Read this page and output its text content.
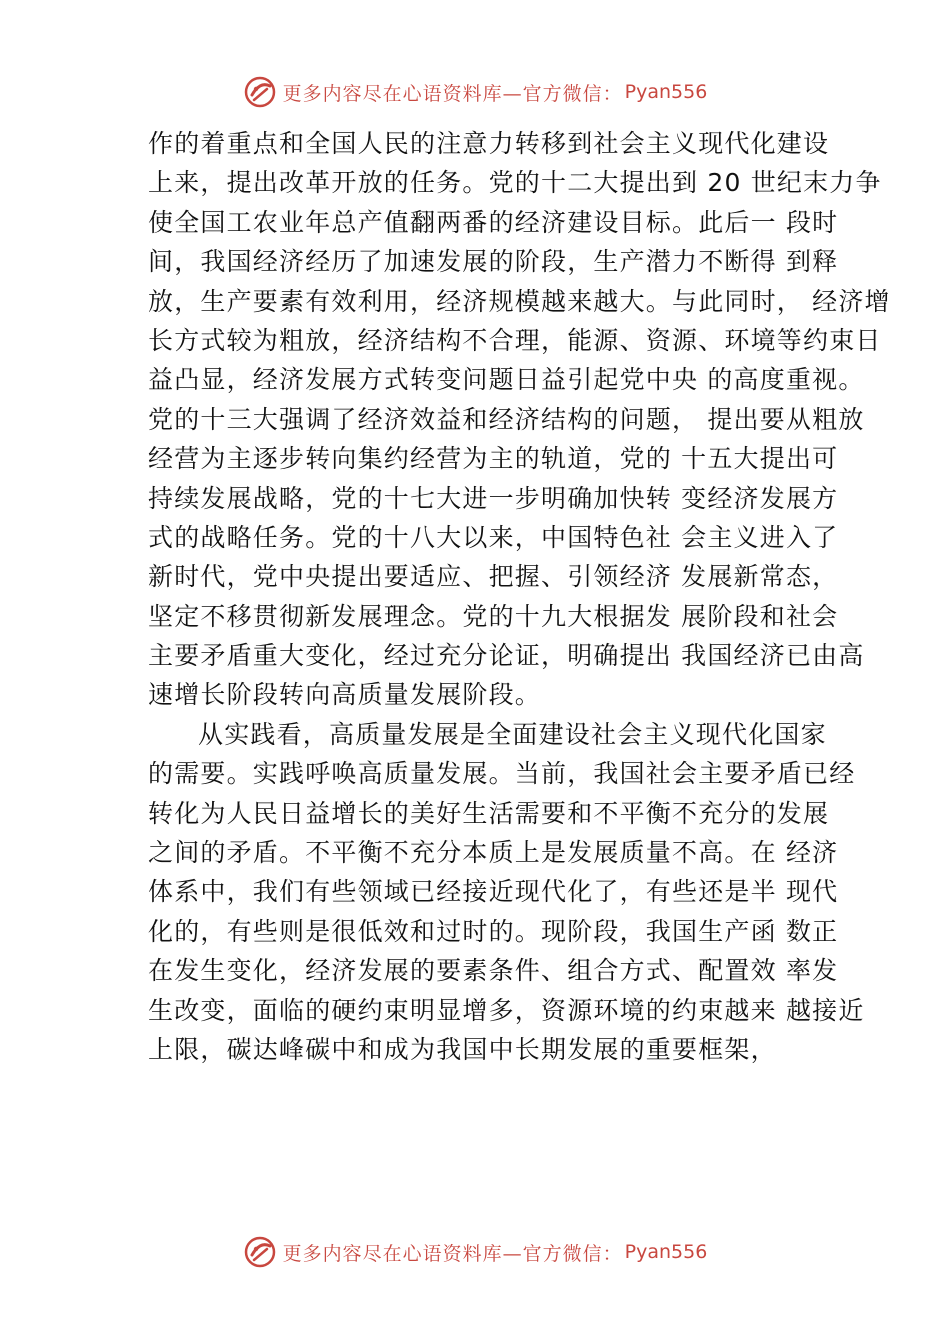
更多内容尽在心语资料库—官方微信： Pyan556
作的着重点和全国人民的注意力转移到社会主义现代化建设
上来，提出改革开放的任务。党的十二大提出到 20 世纪末力争
使全国工农业年总产值翻两番的经济建设目标。此后一 段时
间，我国经济经历了加速发展的阶段，生产潜力不断得 到释
放，生产要素有效利用，经济规模越来越大。与此同时， 经济增
长方式较为粗放，经济结构不合理，能源、资源、环境等约束日
益凸显，经济发展方式转变问题日益引起党中央 的高度重视。
党的十三大强调了经济效益和经济结构的问题， 提出要从粗放
经营为主逐步转向集约经营为主的轨道，党的 十五大提出可
持续发展战略，党的十七大进一步明确加快转 变经济发展方
式的战略任务。党的十八大以来，中国特色社 会主义进入了
新时代，党中央提出要适应、把握、引领经济 发展新常态，
坚定不移贯彻新发展理念。党的十九大根据发 展阶段和社会
主要矛盾重大变化，经过充分论证，明确提出 我国经济已由高
速增长阶段转向高质量发展阶段。
从实践看，高质量发展是全面建设社会主义现代化国家
的需要。实践呼唤高质量发展。当前，我国社会主要矛盾已经
转化为人民日益增长的美好生活需要和不平衡不充分的发展
之间的矛盾。不平衡不充分本质上是发展质量不高。在 经济
体系中，我们有些领域已经接近现代化了，有些还是半 现代
化的，有些则是很低效和过时的。现阶段，我国生产函 数正
在发生变化，经济发展的要素条件、组合方式、配置效 率发
生改变，面临的硬约束明显增多，资源环境的约束越来 越接近
上限，碳达峰碳中和成为我国中长期发展的重要框架，
更多内容尽在心语资料库—官方微信： Pyan556
